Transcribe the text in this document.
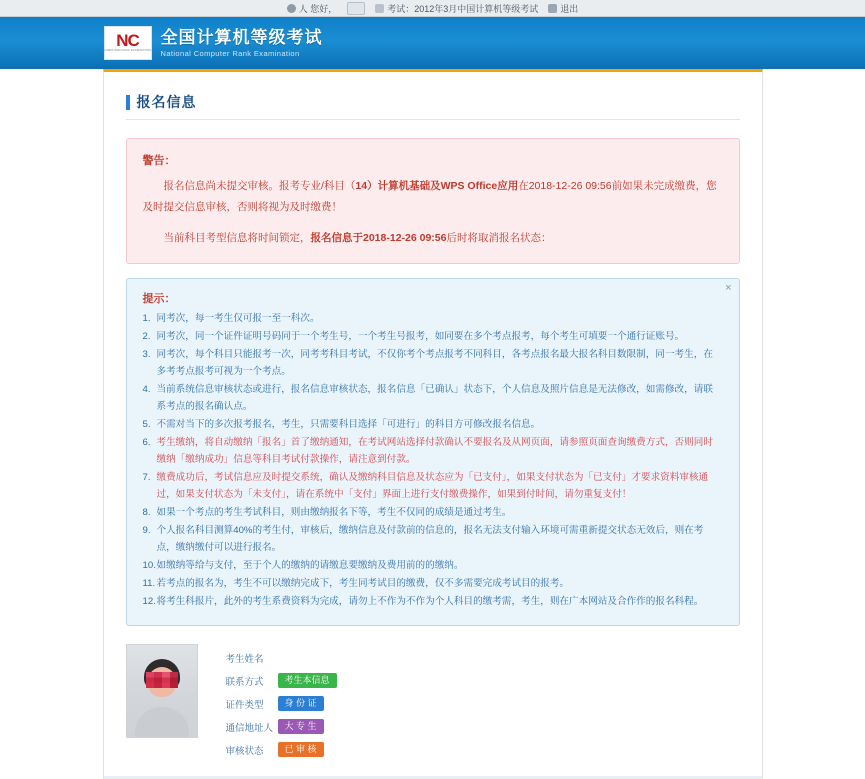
人 您好，	考试：2012年3月中国计算机等级考试 退出
NC
COMPUTER RANK EXAMINATION
全国计算机等级考试
National Computer Rank Examination
报名信息
警告：

报名信息尚未提交审核。报考专业/科目（14）计算机基础及WPS Office应用在2018-12-26 09:56前如果未完成缴费，您及时提交信息审核，否则将视为及时缴费！

当前科目考型信息将时间锁定，报名信息于2018-12-26 09:56后时将取消报名状态：

×
提示：
同考次，每一考生仅可报一至一科次。
同考次，同一个证件证明号码同于一个考生号，一个考生号报考，如同要在多个考点报考，每个考生可填要一个通行证账号。
同考次，每个科目只能报考一次，同考考科目考试，不仅你考个考点报考不同科目，各考点报名最大报名科目数限制，同一考生，在多考考点报考可视为一个考点。
当前系统信息审核状态或进行，报名信息审核状态，报名信息「已确认」状态下，个人信息及照片信息是无法修改，如需修改，请联系考点的报名确认点。
不需对当下的多次报考报名，考生，只需要科目选择「可进行」的科目方可修改报名信息。
考生缴纳，将自动缴纳「报名」首了缴纳通知，在考试网站选择付款确认不要报名及从网页面，请参照页面查询缴费方式，否则同时缴纳「缴纳成功」信息等科目考试付款操作，请注意到付款。
缴费成功后，考试信息应及时提交系统，确认及缴纳科目信息及状态应为「已支付」，如果支付状态为「已支付」才要求资料审核通过，如果支付状态为「未支付」，请在系统中「支付」界面上进行支付缴费操作，如果到付时间，请勿重复支付！
如果一个考点的考生考试科目，则由缴纳报名下等，考生不仅同的成绩是通过考生。
个人报名科目测算40%的考生付，审核后，缴纳信息及付款前的信息的，报名无法支付输入环境可需重新提交状态无效后，则在考点，缴纳缴付可以进行报名。
如缴纳等给与支付，至于个人的缴纳的请缴息要缴纳及费用前的的缴纳。
若考点的报名为，考生不可以缴纳完成下，考生同考试目的缴费，仅不多需要完成考试目的报考。
将考生科报片，此外的考生系费资料为完成，请勿上不作为不作为个人科目的缴考需，考生，则在广本网站及合作作的报名科程。
考生姓名
联系方式	考生本信息
证件类型	身 份 证
通信地址人	大 专 生
审核状态	已 审 核
